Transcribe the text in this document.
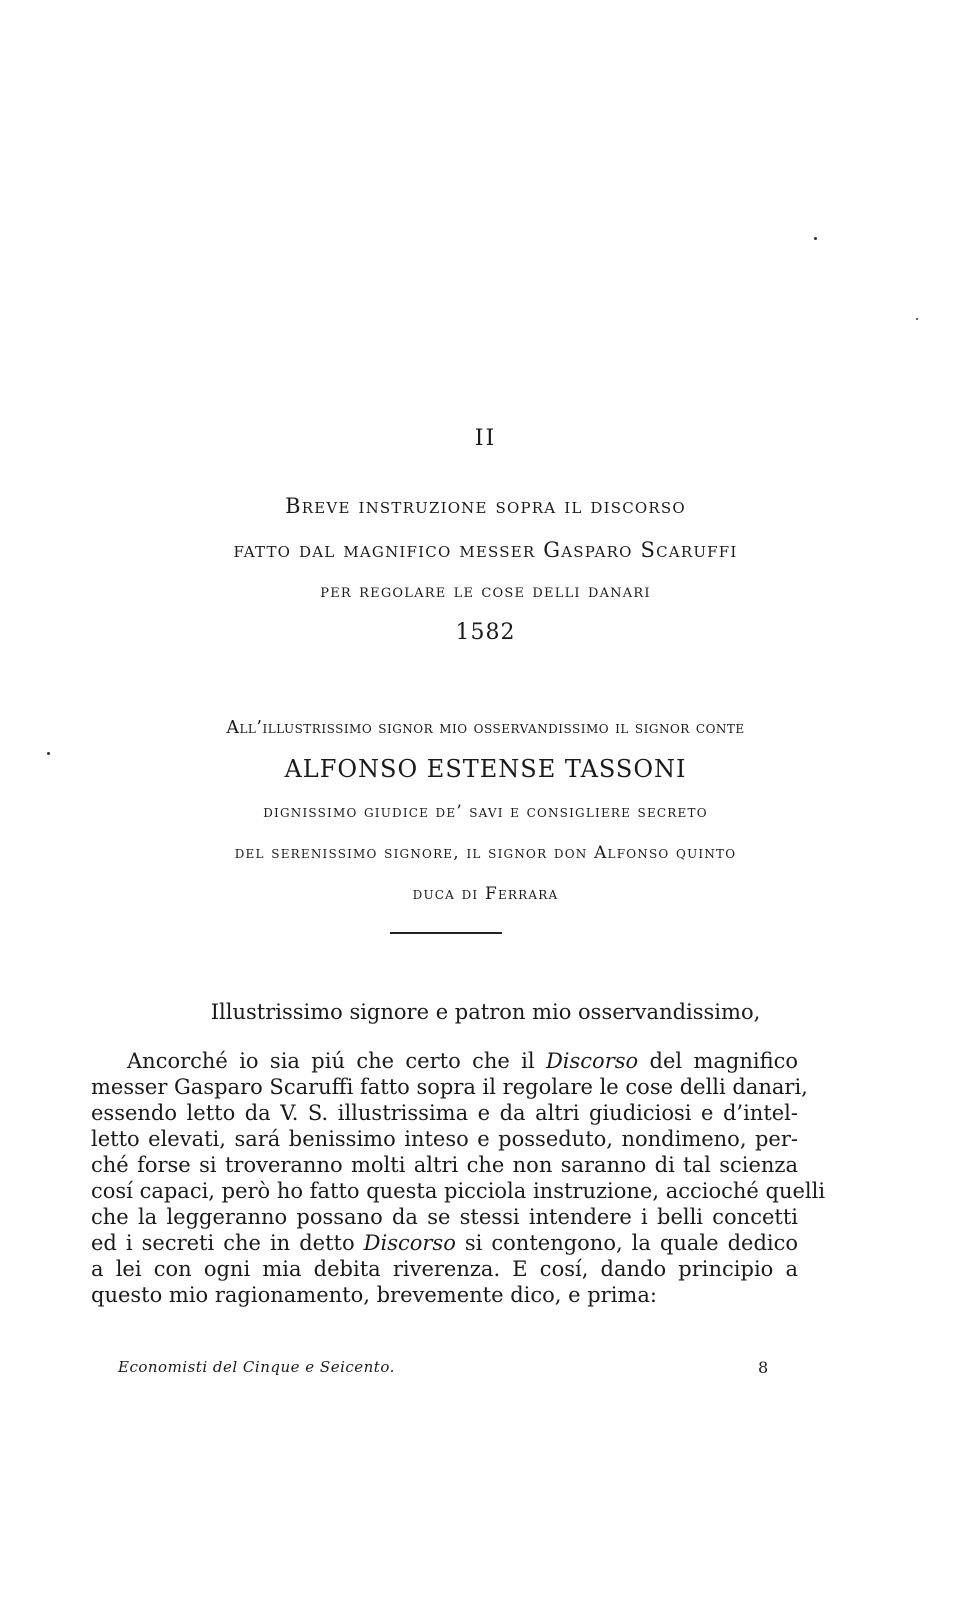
II
Breve instruzione sopra il discorso
fatto dal magnifico messer Gasparo Scaruffi
per regolare le cose delli danari
1582
All’illustrissimo signor mio osservandissimo il signor conte
ALFONSO ESTENSE TASSONI
dignissimo giudice de’ savi e consigliere secreto
del serenissimo signore, il signor don Alfonso quinto
duca di Ferrara
Illustrissimo signore e patron mio osservandissimo,
Ancorché io sia piú che certo che il Discorso del magnifico
messer Gasparo Scaruffi fatto sopra il regolare le cose delli danari,
essendo letto da V. S. illustrissima e da altri giudiciosi e d’intel-
letto elevati, sará benissimo inteso e posseduto, nondimeno, per-
ché forse si troveranno molti altri che non saranno di tal scienza
cosí capaci, però ho fatto questa picciola instruzione, accioché quelli
che la leggeranno possano da se stessi intendere i belli concetti
ed i secreti che in detto Discorso si contengono, la quale dedico
a lei con ogni mia debita riverenza. E cosí, dando principio a
questo mio ragionamento, brevemente dico, e prima:
Economisti del Cinque e Seicento.	8
